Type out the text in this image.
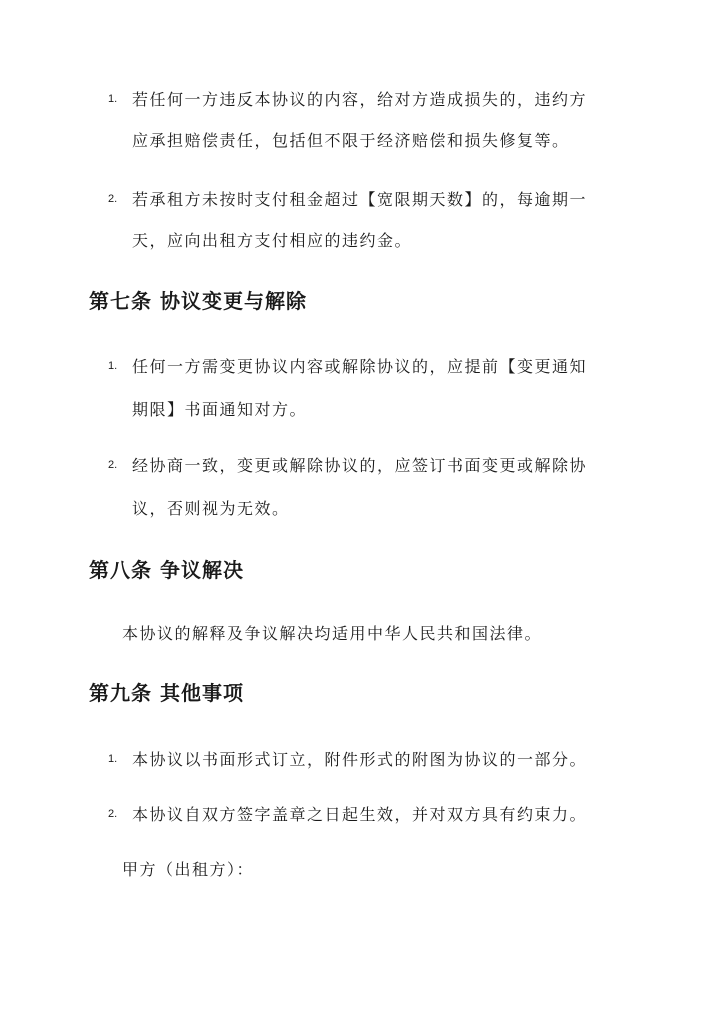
1. 若任何一方违反本协议的内容，给对方造成损失的，违约方
应承担赔偿责任，包括但不限于经济赔偿和损失修复等。
2. 若承租方未按时支付租金超过【宽限期天数】的，每逾期一
天，应向出租方支付相应的违约金。
第七条 协议变更与解除
1. 任何一方需变更协议内容或解除协议的，应提前【变更通知
期限】书面通知对方。
2. 经协商一致，变更或解除协议的，应签订书面变更或解除协
议，否则视为无效。
第八条 争议解决
本协议的解释及争议解决均适用中华人民共和国法律。
第九条 其他事项
1. 本协议以书面形式订立，附件形式的附图为协议的一部分。
2. 本协议自双方签字盖章之日起生效，并对双方具有约束力。
甲方（出租方）：
